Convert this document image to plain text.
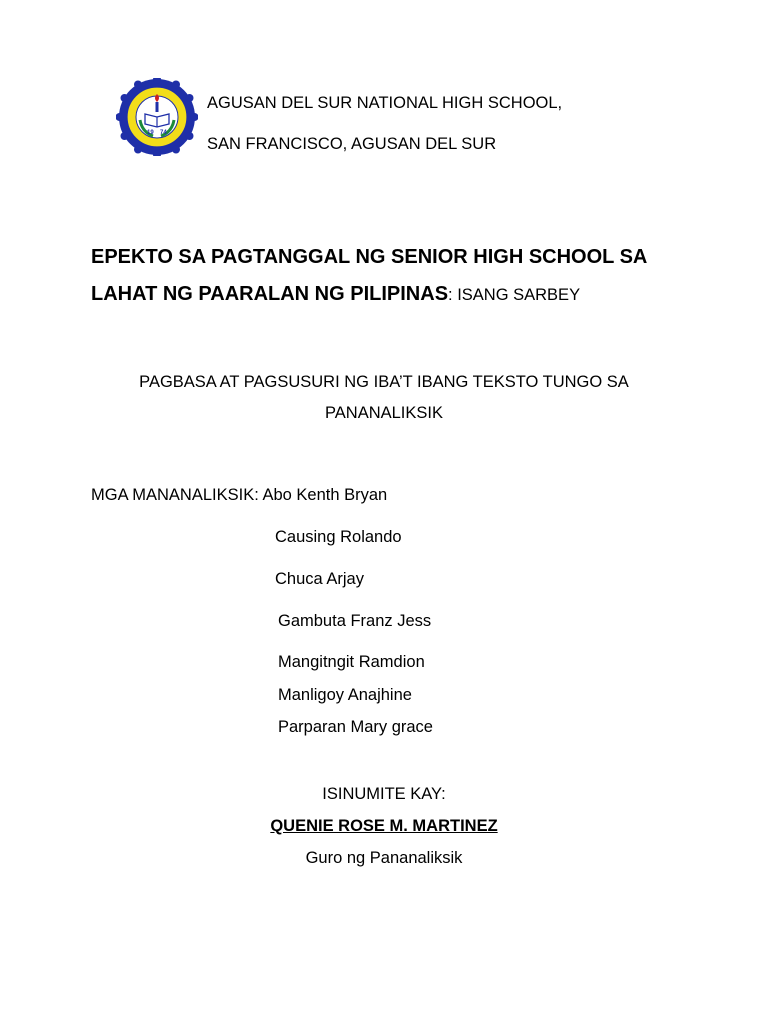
19 74
AGUSAN DEL SUR NATIONAL HIGH SCHOOL,
SAN FRANCISCO, AGUSAN DEL SUR
EPEKTO SA PAGTANGGAL NG SENIOR HIGH SCHOOL SA
LAHAT NG PAARALAN NG PILIPINAS: ISANG SARBEY
PAGBASA AT PAGSUSURI NG IBA’T IBANG TEKSTO TUNGO SA
PANANALIKSIK
MGA MANANALIKSIK: Abo Kenth Bryan
Causing Rolando
Chuca Arjay
Gambuta Franz Jess
Mangitngit Ramdion
Manligoy Anajhine
Parparan Mary grace
ISINUMITE KAY:
QUENIE ROSE M. MARTINEZ
Guro ng Pananaliksik
